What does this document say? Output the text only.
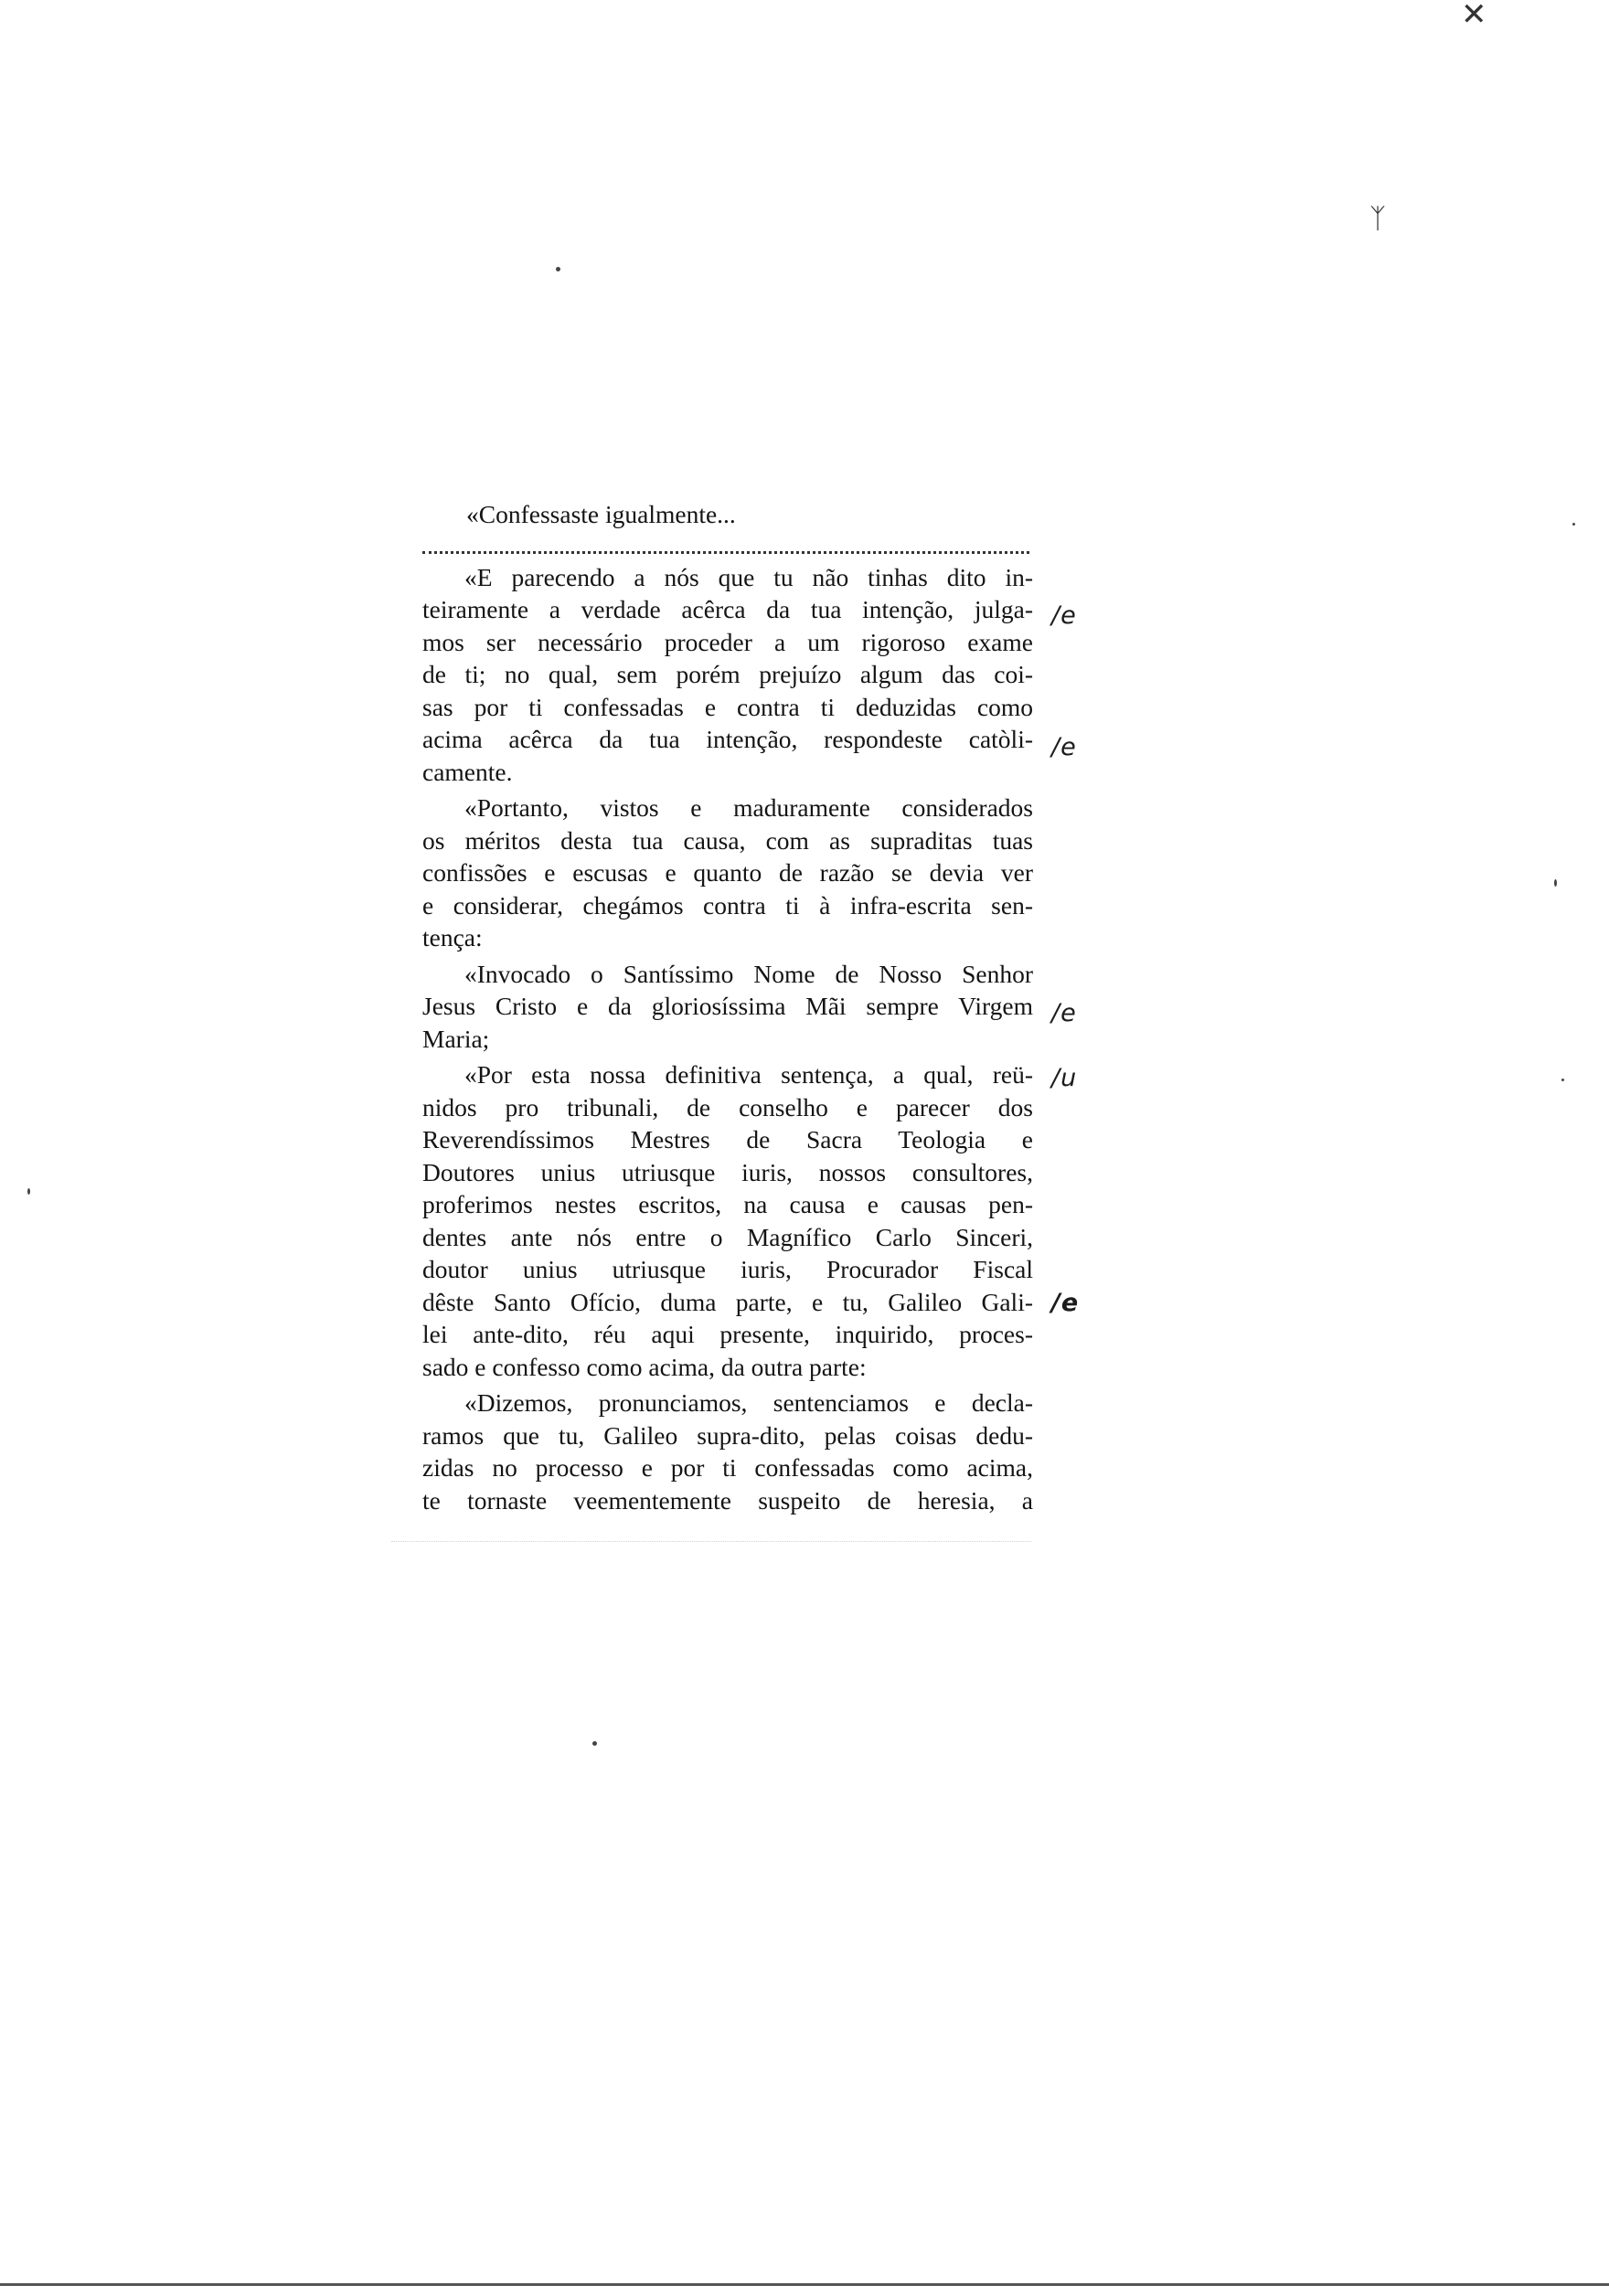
✕
ᛉ
«Confessaste igualmente...
«E parecendo a nós que tu não tinhas dito in-
teiramente a verdade acêrca da tua intenção, julga-
mos ser necessário proceder a um rigoroso exame
de ti; no qual, sem porém prejuízo algum das coi-
sas por ti confessadas e contra ti deduzidas como
acima acêrca da tua intenção, respondeste catòli-
camente.
«Portanto, vistos e maduramente considerados
os méritos desta tua causa, com as supraditas tuas
confissões e escusas e quanto de razão se devia ver
e considerar, chegámos contra ti à infra-escrita sen-
tença:
«Invocado o Santíssimo Nome de Nosso Senhor
Jesus Cristo e da gloriosíssima Mãi sempre Virgem
Maria;
«Por esta nossa definitiva sentença, a qual, reü-
nidos pro tribunali, de conselho e parecer dos
Reverendíssimos Mestres de Sacra Teologia e
Doutores unius utriusque iuris, nossos consultores,
proferimos nestes escritos, na causa e causas pen-
dentes ante nós entre o Magnífico Carlo Sinceri,
doutor unius utriusque iuris, Procurador Fiscal
dêste Santo Ofício, duma parte, e tu, Galileo Gali-
lei ante-dito, réu aqui presente, inquirido, proces-
sado e confesso como acima, da outra parte:
«Dizemos, pronunciamos, sentenciamos e decla-
ramos que tu, Galileo supra-dito, pelas coisas dedu-
zidas no processo e por ti confessadas como acima,
te tornaste veementemente suspeito de heresia, a
/e
/e
/e
/u
/e
